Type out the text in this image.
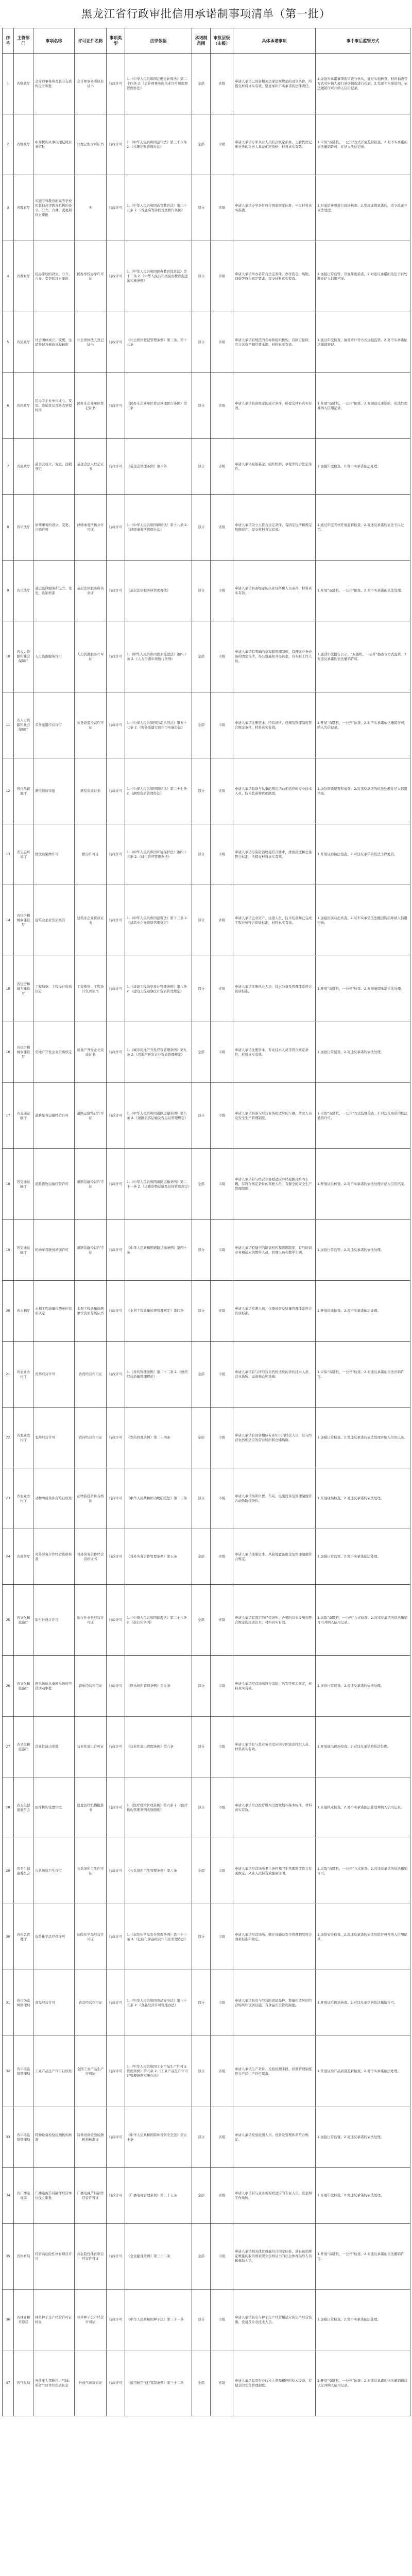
黑龙江省行政审批信用承诺制事项清单（第一批）
序号	主管部门	事项名称	许可证件名称	事项类型	法律依据	承诺制范围	审批层级（市级）	具体承诺事项	事中事后监管方式
1	省财政厅	会计师事务所及其分支机构设立审批	会计师事务所执业证书	行政许可	1.《中华人民共和国注册会计师法》第二十四条 2.《会计师事务所执业许可和监督管理办法》	全部	省级	申请人承诺已具备相关法律法规规定的设立条件，所提交材料真实有效，愿意承担不实承诺的法律责任。	1.加强对承诺事项的审查与核实，通过实地核查、材料抽查等方式对申请人履行承诺情况进行检查。2.发现不实承诺的，依法撤销许可并纳入信用记录。
2	省财政厅	中介机构从事代理记账业务审批	代理记账许可证书	行政许可	1.《中华人民共和国会计法》第三十六条 2.《代理记账管理办法》	全部	市级	申请人承诺专职从业人员符合规定条件，主管代理记账业务的负责人具备相应资格，材料真实有效。	1.采取“双随机、一公开”方式开展监督检查。2.对不实承诺的依法撤销许可，并纳入失信记录。
3	省教育厅	实施专科教育的高等学校和其他高等教育机构的设立、分立、合并、变更和终止审批	无	行政许可	1.《中华人民共和国高等教育法》第二十九条 2.《普通高等学校设置暂行条例》	部分	省级	申请人承诺办学条件符合国家规定标准，申报材料真实准确。	1.对承诺事项进行现场核查。2.发现虚假承诺的，责令改正并依法处理。
4	省教育厅	民办学校的设立、分立、合并、变更和终止审批	民办学校办学许可证	行政许可	1.《中华人民共和国民办教育促进法》第十二条 2.《中华人民共和国民办教育促进法实施条例》	部分	省级	申请人承诺举办者符合法定条件，办学资金、场地、师资等符合规定要求，提交材料真实有效。	1.加强日常监管，开展年度检查。2.对违反承诺的依法予以处理并记入信用档案。
5	省民政厅	社会团体成立、变更、注销登记及修改章程核准	社会团体法人登记证书	行政许可	《社会团体登记管理条例》第三条、第十八条	部分	省级	申请人承诺有规范的名称和组织机构，有固定住所，有合法资产和经费来源，材料真实有效。	1.通过年度检查、抽查审计等方式加强监管。2.对不实承诺依法撤销登记。
6	省民政厅	民办非企业单位成立、变更、注销登记及修改章程核准	民办非企业单位登记证书	行政许可	《民办非企业单位登记管理暂行条例》第三条	部分	省级	申请人承诺具备规定的成立条件，所提交材料真实有效。	1.开展“双随机、一公开”抽查。2.发现违反承诺的，依法处理并纳入信用记录。
7	省民政厅	基金会设立、变更、注销登记	基金会法人登记证书	行政许可	《基金会管理条例》第六条	部分	省级	申请人承诺原始基金、组织机构、章程等符合法定条件。	1.加强年度检查。2.对不实承诺依法处理。
8	省司法厅	律师事务所设立、变更、注销许可	律师事务所执业许可证	行政许可	1.《中华人民共和国律师法》第十八条 2.《律师事务所管理办法》	部分	省级	申请人承诺设立人符合法定条件，有固定住所和规定数额资产，提交材料真实有效。	1.通过年度考核开展监督检查。2.对违反承诺的依法予以处罚。
9	省司法厅	基层法律服务所设立、变更、注销核准	基层法律服务所执业证	行政许可	《基层法律服务所管理办法》	部分	市级	申请人承诺具备规定的执业场所和人员条件，材料真实有效。	1.开展“双随机、一公开”抽查。2.对不实承诺的依法处理。
10	省人力资源和社会保障厅	人力资源服务许可	人力资源服务许可证	行政许可	1.《中华人民共和国就业促进法》第四十条 2.《人力资源市场暂行条例》	全部	市级	申请人承诺有明确的章程和管理制度，有开展业务必备的固定场所、办公设施和开办资金，有专职工作人员。	1.通过年度报告公示、“双随机、一公开”抽查等方式监管。2.对违反承诺的依法撤销许可。
11	省人力资源和社会保障厅	劳务派遣经营许可	劳务派遣经营许可证	行政许可	1.《中华人民共和国劳动合同法》第五十七条 2.《劳务派遣行政许可实施办法》	全部	市级	申请人承诺注册资本、经营场所、设施及管理制度符合规定条件，材料真实有效。	1.开展“双随机、一公开”抽查。2.对不实承诺依法撤销许可，纳入失信记录。
12	省自然资源厅	测绘资质审批	测绘资质证书	行政许可	1.《中华人民共和国测绘法》第二十七条 2.《测绘资质管理办法》	部分	省级	申请人承诺具备与从事的测绘活动相适应的专业技术人员、技术装备和管理制度。	1.加强资质巡查和抽查。2.对违反承诺的依法处理并记入信用档案。
13	省生态环境厅	排放污染物许可	排污许可证	行政许可	1.《中华人民共和国环境保护法》第四十五条 2.《排污许可管理办法》	部分	市级	申请人承诺污染防治设施符合要求，排放浓度和总量符合标准，所提交材料真实有效。	1.开展证后执法检查。2.对违反承诺的依法予以处罚。
14	省住房和城乡建设厅	建筑业企业资质核准	建筑业企业资质证书	行政许可	1.《中华人民共和国建筑法》第十三条 2.《建筑业企业资质管理规定》	部分	省级	申请人承诺企业资产、注册人员、技术装备和已完成工程业绩符合资质标准，材料真实有效。	1.加强资质动态核查。2.对不实承诺依法撤回资质并纳入信用记录。
15	省住房和城乡建设厅	工程勘察、工程设计资质认定	工程勘察、工程设计资质证书	行政许可	1.《建设工程勘察设计管理条例》第八条 2.《建设工程勘察设计资质管理规定》	部分	省级	申请人承诺注册执业人员、技术装备及管理体系符合资质标准。	1.开展“双随机、一公开”检查。2.发现虚假承诺依法处理。
16	省住房和城乡建设厅	房地产开发企业资质核定	房地产开发企业资质证书	行政许可	1.《城市房地产开发经营管理条例》第九条 2.《房地产开发企业资质管理规定》	全部	市级	申请人承诺注册资本、专业技术人员等符合规定条件，材料真实有效。	1.加强日常巡查。2.对违反承诺的依法处理。
17	省交通运输厅	道路旅客运输经营许可	道路运输经营许可证	行政许可	1.《中华人民共和国道路运输条例》第八条 2.《道路旅客运输及客运站管理规定》	部分	市级	申请人承诺具备与经营业务相适应的车辆、驾驶人员及安全生产管理制度。	1.采取“双随机、一公开”方式监督检查。2.对违反承诺的依法撤销许可。
18	省交通运输厅	道路货物运输经营许可	道路运输经营许可证	行政许可	1.《中华人民共和国道路运输条例》第二十一条 2.《道路货物运输及站场管理规定》	全部	市级	申请人承诺有与经营业务相适应并经检测合格的车辆，有符合规定条件的驾驶人员，有健全的安全生产管理制度。	1.开展证后核查。2.对不实承诺的依法处理并记入信用档案。
19	省交通运输厅	机动车驾驶员培训许可	道路运输经营许可证	行政许可	《中华人民共和国道路运输条例》第四十条	部分	市级	申请人承诺有健全的培训机构和管理制度，有与培训业务相适应的教学人员、管理人员和教学车辆。	1.加强日常监管。2.对违反承诺的依法处理。
20	省水利厅	水利工程质量检测单位资质认定	水利工程质量检测单位资质等级证书	行政许可	《水利工程质量检测管理规定》第四条	部分	省级	申请人承诺检测人员、仪器设备及质量管理体系符合资质标准。	1.开展资质抽查。2.对不实承诺依法处理。
21	省农业农村厅	兽药经营许可	兽药经营许可证	行政许可	1.《兽药管理条例》第二十二条 2.《兽药经营质量管理规范》	全部	市级	申请人承诺有与所经营兽药相适应的兽药技术人员、营业场所、设备和仓库设施。	1.采取“双随机、一公开”检查。2.对违反承诺的依法吊销许可。
22	省农业农村厅	农药经营许可	农药经营许可证	行政许可	《农药管理条例》第二十四条	全部	市级	申请人承诺有具备相应专业知识的经营人员，有与经营农药相适应的营业场所和仓储场所。	1.加强日常检查。2.对违反承诺的依法处理并纳入信用记录。
23	省农业农村厅	动物防疫条件合格证核发	动物防疫条件合格证	行政许可	《中华人民共和国动物防疫法》第二十条	部分	市级	申请人承诺场所位置、布局、设施设备及管理制度符合动物防疫条件。	1.开展现场核查。2.对违反承诺的依法处理。
24	省商务厅	对外劳务合作经营资格核准	对外劳务合作经营资格证书	行政许可	《对外劳务合作管理条例》第五条	全部	省级	申请人承诺注册资本、风险处置备用金及管理制度符合规定。	1.加强日常监管。2.对不实承诺依法处理。
25	省文化和旅游厅	旅行社设立许可	旅行社业务经营许可证	行政许可	1.《中华人民共和国旅游法》第二十八条 2.《旅行社条例》	全部	省级	申请人承诺有固定的经营场所、必要的营业设施和符合规定的注册资本，材料真实有效。	1.采取“双随机、一公开”方式检查。2.对违反承诺的依法撤销许可并纳入信用记录。
26	省文化和旅游厅	娱乐场所从事娱乐场所经营活动审批	娱乐经营许可证	行政许可	《娱乐场所管理条例》第九条	部分	市级	申请人承诺经营场所符合消防、治安等相关规定，材料真实有效。	1.加强日常巡查。2.对违反承诺的依法处理。
27	省文化和旅游厅	营业性演出审批	营业性演出许可证	行政许可	《营业性演出管理条例》第六条	部分	市级	申请人承诺有与其业务相适应的专职演出经纪人员，材料真实有效。	1.开展演出现场检查。2.对违反承诺的依法处理。
28	省卫生健康委员会	医疗机构设置审批	设置医疗机构批准书	行政许可	1.《医疗机构管理条例》第九条 2.《医疗机构管理条例实施细则》	部分	市级	申请人承诺符合医疗机构设置规划和基本标准，材料真实有效。	1.开展执业检查。2.对不实承诺依法处理并纳入信用记录。
29	省卫生健康委员会	公共场所卫生许可	公共场所卫生许可证	行政许可	《公共场所卫生管理条例》第八条	全部	市级	申请人承诺经营场所卫生条件和卫生管理制度符合有关规定，从业人员持有效健康证明。	1.采取“双随机、一公开”方式抽查。2.对违反承诺的依法撤销许可。
30	省应急管理厅	危险化学品经营许可	危险化学品经营许可证	行政许可	1.《危险化学品安全管理条例》第三十三条 2.《危险化学品经营许可证管理办法》	部分	市级	申请人承诺经营场所、储存设施及安全管理制度符合国家标准和规定。	1.加强安全检查。2.对违反承诺的依法吊销许可并纳入信用记录。
31	省市场监督管理局	食品经营许可	食品经营许可证	行政许可	1.《中华人民共和国食品安全法》第三十五条 2.《食品经营许可管理办法》	部分	市级	申请人承诺具有与经营的食品品种、数量相适应的经营场所和设备设施，有食品安全管理制度。	1.开展证后现场核查。2.对违反承诺的依法撤销许可。
32	省市场监督管理局	工业产品生产许可证核发	全国工业产品生产许可证	行政许可	1.《中华人民共和国工业产品生产许可证管理条例》第九条 2.《工业产品生产许可证管理条例实施办法》	部分	省级	申请人承诺生产条件、检验检测手段、质量管理制度符合产品生产许可要求。	1.开展证后产品质量监督抽查。2.对不实承诺依法处理。
33	省市场监督管理局	特种设备检验检测机构核准	特种设备检验检测机构核准证	行政许可	《中华人民共和国特种设备安全法》第五十条	部分	省级	申请人承诺检验检测人员、设备及管理体系符合规定。	1.加强日常监督。2.对违反承诺的依法处理。
34	省广播电视局	广播电视节目制作经营单位设立审批	广播电视节目制作经营许可证	行政许可	《广播电视管理条例》第三十五条	全部	省级	申请人承诺有与业务规模相适应的专业人员、资金和工作场所。	1.开展年度核验。2.对违反承诺的依法处理。
35	省体育局	经营高危险性体育项目许可	高危险性体育项目经营许可证	行政许可	《全民健身条例》第三十二条	全部	市级	申请人承诺相关体育设施符合国家标准，具有达到规定数量的取得国家职业资格证书的社会体育指导人员和救助人员。	1.开展“双随机、一公开”检查。2.对违反承诺的依法撤销许可。
36	省林业和草原局	林草种子生产经营许可证核发	林草种子生产经营许可证	行政许可	《中华人民共和国种子法》第三十一条	部分	市级	申请人承诺具有与种子生产经营相适应的生产经营设施、设备及专业技术人员。	1.加强日常检查。2.对不实承诺依法处理。
37	省气象局	升放无人驾驶自由气球、系留气球单位资质认定	升放气球资质证	行政许可	《通用航空飞行管制条例》第三十二条	全部	省级	申请人承诺具有专业技术人员和相应的技术设备，有健全的安全管理制度。	1.开展“双随机、一公开”抽查。2.对违反承诺的依法撤销资质认定并纳入信用记录。
